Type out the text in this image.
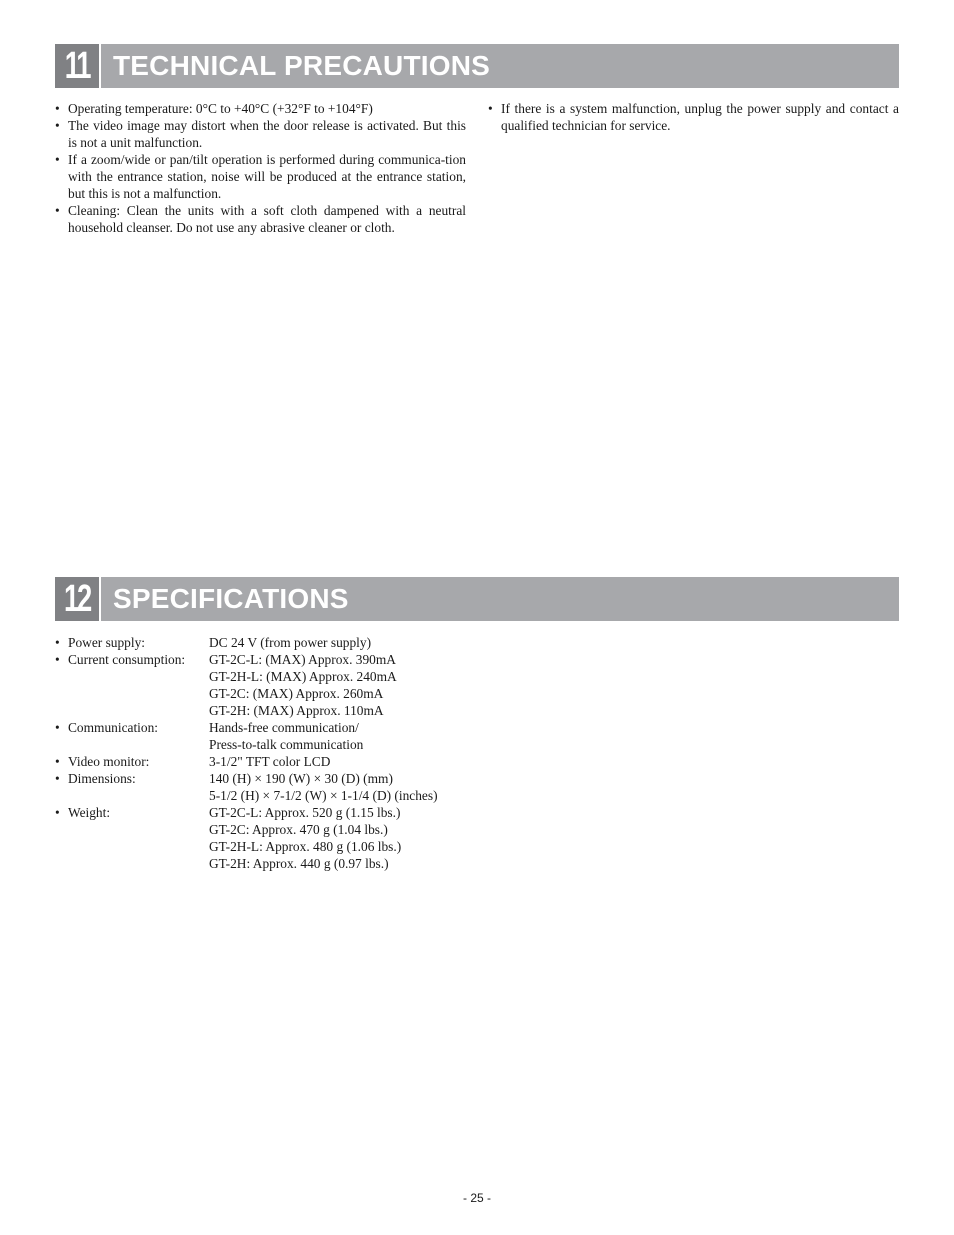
11 TECHNICAL PRECAUTIONS
• Operating temperature: 0°C to +40°C (+32°F to +104°F)
• The video image may distort when the door release is activated. But this is not a unit malfunction.
• If a zoom/wide or pan/tilt operation is performed during communica-tion with the entrance station, noise will be produced at the entrance station, but this is not a malfunction.
• Cleaning: Clean the units with a soft cloth dampened with a neutral household cleanser. Do not use any abrasive cleaner or cloth.
• If there is a system malfunction, unplug the power supply and contact a qualified technician for service.
12 SPECIFICATIONS
• Power supply:	DC 24 V (from power supply)
• Current consumption:	GT-2C-L: (MAX) Approx. 390mA
GT-2H-L: (MAX) Approx. 240mA
GT-2C: (MAX) Approx. 260mA
GT-2H: (MAX) Approx. 110mA
• Communication:	Hands-free communication/
Press-to-talk communication
• Video monitor:	3-1/2" TFT color LCD
• Dimensions:	140 (H) × 190 (W) × 30 (D) (mm)
5-1/2 (H) × 7-1/2 (W) × 1-1/4 (D) (inches)
• Weight:	GT-2C-L: Approx. 520 g (1.15 lbs.)
GT-2C: Approx. 470 g (1.04 lbs.)
GT-2H-L: Approx. 480 g (1.06 lbs.)
GT-2H: Approx. 440 g (0.97 lbs.)
- 25 -
